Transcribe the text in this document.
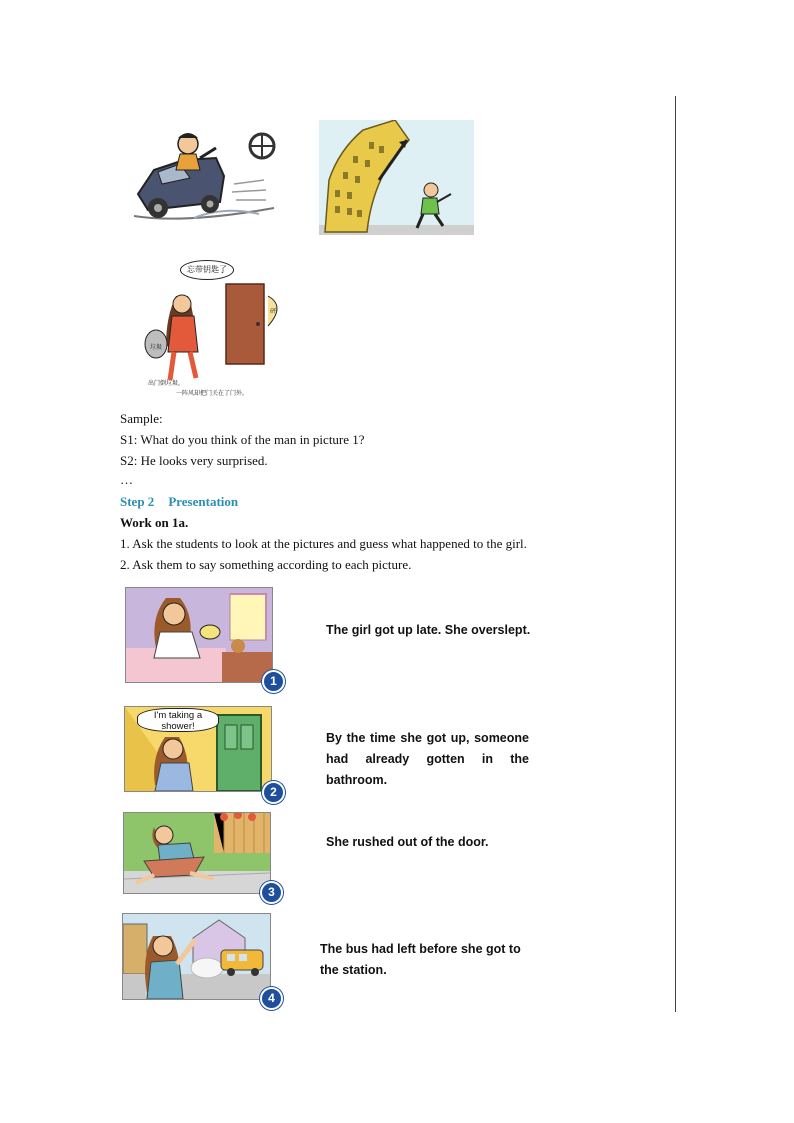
忘带钥匙了
砰
垃圾
出门倒垃圾，
一阵风却把门关在了门外。
Sample:
S1: What do you think of the man in picture 1?
S2: He looks very surprised.
…
Step 2 Presentation
Work on 1a.
1. Ask the students to look at the pictures and guess what happened to the girl.
2. Ask them to say something according to each picture.
1
The girl got up late. She overslept.
I'm taking a shower!
2
By the time she got up, someone had already gotten in the bathroom.
3
She rushed out of the door.
4
The bus had left before she got to the station.
